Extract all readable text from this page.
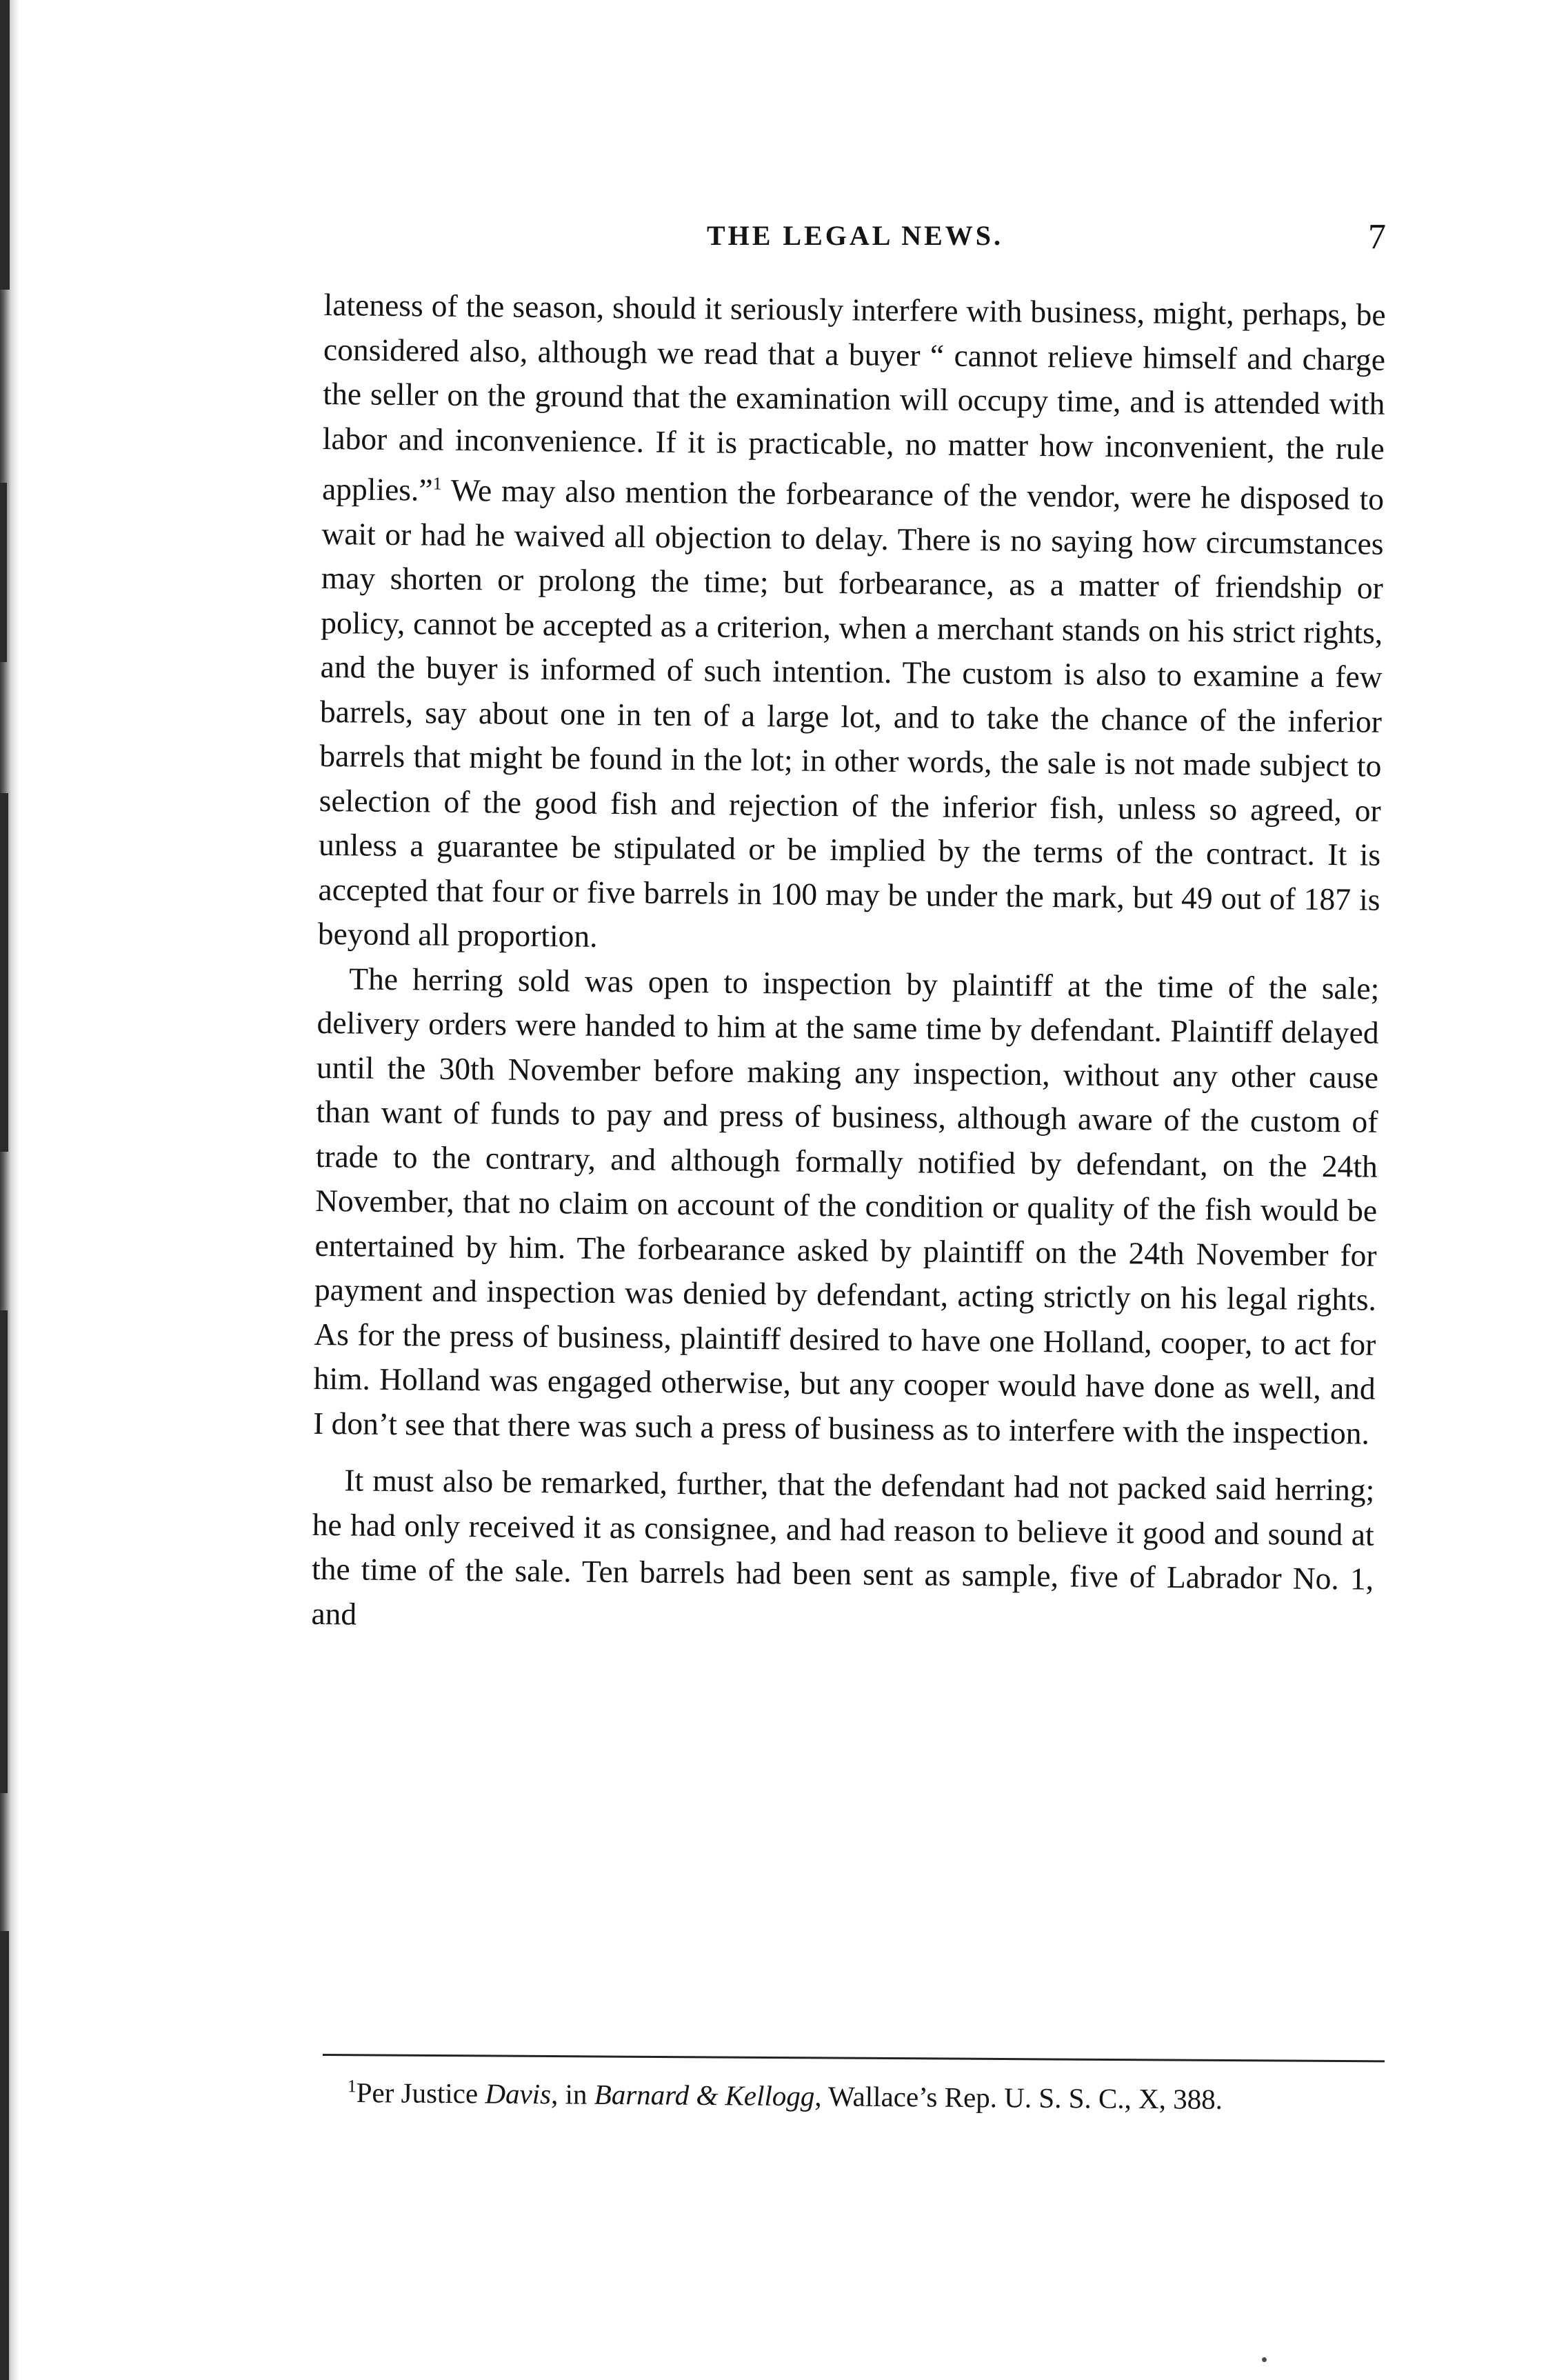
THE LEGAL NEWS.	7

lateness of the season, should it seriously interfere with business, might, perhaps, be considered also, although we read that a buyer “ cannot relieve himself and charge the seller on the ground that the examination will occupy time, and is attended with labor and inconvenience. If it is practicable, no matter how inconvenient, the rule applies.”$^1$ We may also mention the forbearance of the vendor, were he disposed to wait or had he waived all objection to delay. There is no saying how circumstances may shorten or prolong the time; but forbearance, as a matter of friendship or policy, cannot be accepted as a criterion, when a merchant stands on his strict rights, and the buyer is informed of such intention. The custom is also to examine a few barrels, say about one in ten of a large lot, and to take the chance of the inferior barrels that might be found in the lot; in other words, the sale is not made subject to selection of the good fish and rejection of the inferior fish, unless so agreed, or unless a guarantee be stipulated or be implied by the terms of the contract. It is accepted that four or five barrels in 100 may be under the mark, but 49 out of 187 is beyond all proportion.

The herring sold was open to inspection by plaintiff at the time of the sale; delivery orders were handed to him at the same time by defendant. Plaintiff delayed until the 30th November before making any inspection, without any other cause than want of funds to pay and press of business, although aware of the custom of trade to the contrary, and although formally notified by defendant, on the 24th November, that no claim on account of the condition or quality of the fish would be entertained by him. The forbearance asked by plaintiff on the 24th November for payment and inspection was denied by defendant, acting strictly on his legal rights. As for the press of business, plaintiff desired to have one Holland, cooper, to act for him. Holland was engaged otherwise, but any cooper would have done as well, and I don’t see that there was such a press of business as to interfere with the inspection.

It must also be remarked, further, that the defendant had not packed said herring; he had only received it as consignee, and had reason to believe it good and sound at the time of the sale. Ten barrels had been sent as sample, five of Labrador No. 1, and

$^1$Per Justice Davis, in Barnard & Kellogg, Wallace’s Rep. U. S. S. C., X, 388.
